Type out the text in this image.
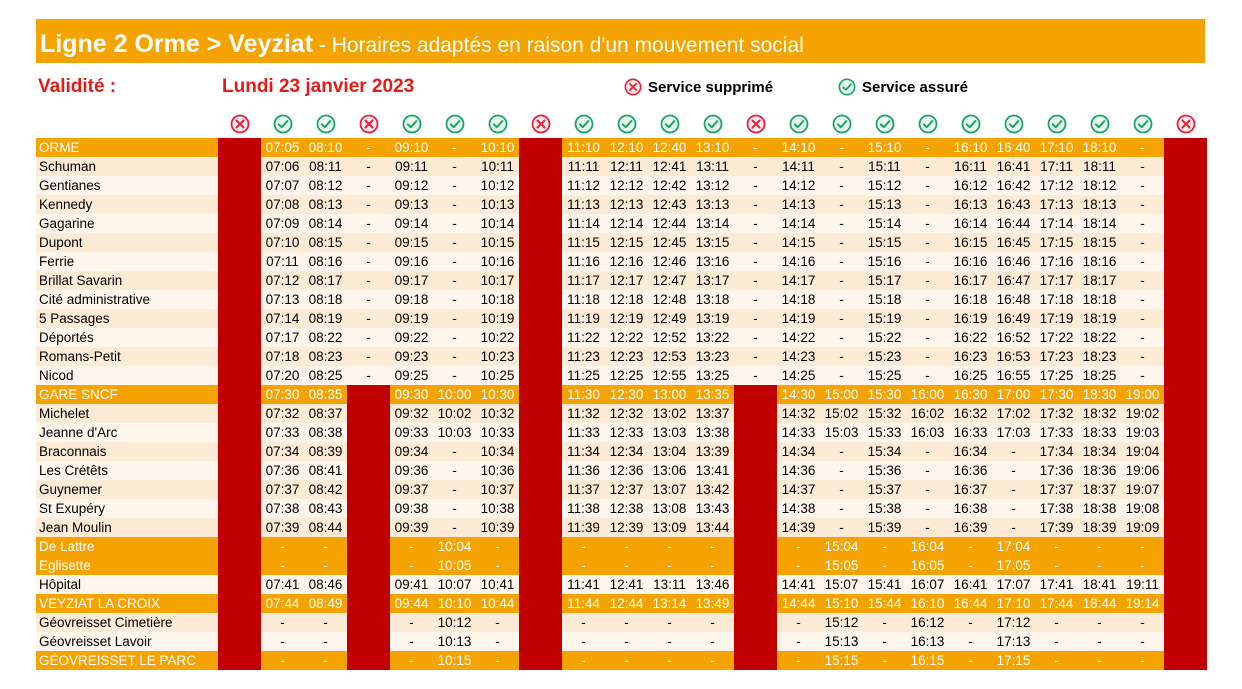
Ligne 2 Orme > Veyziat - Horaires adaptés en raison d'un mouvement social
Validité :	Lundi 23 janvier 2023	Service supprimé	Service assuré
ORME		07:05	08:10	-	09:10	-	10:10		11:10	12:10	12:40	13:10	-	14:10	-	15:10	-	16:10	16:40	17:10	18:10	-	
Schuman		07:06	08:11	-	09:11	-	10:11		11:11	12:11	12:41	13:11	-	14:11	-	15:11	-	16:11	16:41	17:11	18:11	-	
Gentianes		07:07	08:12	-	09:12	-	10:12		11:12	12:12	12:42	13:12	-	14:12	-	15:12	-	16:12	16:42	17:12	18:12	-	
Kennedy		07:08	08:13	-	09:13	-	10:13		11:13	12:13	12:43	13:13	-	14:13	-	15:13	-	16:13	16:43	17:13	18:13	-	
Gagarine		07:09	08:14	-	09:14	-	10:14		11:14	12:14	12:44	13:14	-	14:14	-	15:14	-	16:14	16:44	17:14	18:14	-	
Dupont		07:10	08:15	-	09:15	-	10:15		11:15	12:15	12:45	13:15	-	14:15	-	15:15	-	16:15	16:45	17:15	18:15	-	
Ferrie		07:11	08:16	-	09:16	-	10:16		11:16	12:16	12:46	13:16	-	14:16	-	15:16	-	16:16	16:46	17:16	18:16	-	
Brillat Savarin		07:12	08:17	-	09:17	-	10:17		11:17	12:17	12:47	13:17	-	14:17	-	15:17	-	16:17	16:47	17:17	18:17	-	
Cité administrative		07:13	08:18	-	09:18	-	10:18		11:18	12:18	12:48	13:18	-	14:18	-	15:18	-	16:18	16:48	17:18	18:18	-	
5 Passages		07:14	08:19	-	09:19	-	10:19		11:19	12:19	12:49	13:19	-	14:19	-	15:19	-	16:19	16:49	17:19	18:19	-	
Déportés		07:17	08:22	-	09:22	-	10:22		11:22	12:22	12:52	13:22	-	14:22	-	15:22	-	16:22	16:52	17:22	18:22	-	
Romans-Petit		07:18	08:23	-	09:23	-	10:23		11:23	12:23	12:53	13:23	-	14:23	-	15:23	-	16:23	16:53	17:23	18:23	-	
Nicod		07:20	08:25	-	09:25	-	10:25		11:25	12:25	12:55	13:25	-	14:25	-	15:25	-	16:25	16:55	17:25	18:25	-	
GARE SNCF		07:30	08:35		09:30	10:00	10:30		11:30	12:30	13:00	13:35		14:30	15:00	15:30	16:00	16:30	17:00	17:30	18:30	19:00	
Michelet		07:32	08:37		09:32	10:02	10:32		11:32	12:32	13:02	13:37		14:32	15:02	15:32	16:02	16:32	17:02	17:32	18:32	19:02	
Jeanne d'Arc		07:33	08:38		09:33	10:03	10:33		11:33	12:33	13:03	13:38		14:33	15:03	15:33	16:03	16:33	17:03	17:33	18:33	19:03	
Braconnais		07:34	08:39		09:34	-	10:34		11:34	12:34	13:04	13:39		14:34	-	15:34	-	16:34	-	17:34	18:34	19:04	
Les Crétêts		07:36	08:41		09:36	-	10:36		11:36	12:36	13:06	13:41		14:36	-	15:36	-	16:36	-	17:36	18:36	19:06	
Guynemer		07:37	08:42		09:37	-	10:37		11:37	12:37	13:07	13:42		14:37	-	15:37	-	16:37	-	17:37	18:37	19:07	
St Exupéry		07:38	08:43		09:38	-	10:38		11:38	12:38	13:08	13:43		14:38	-	15:38	-	16:38	-	17:38	18:38	19:08	
Jean Moulin		07:39	08:44		09:39	-	10:39		11:39	12:39	13:09	13:44		14:39	-	15:39	-	16:39	-	17:39	18:39	19:09	
De Lattre		-	-		-	10:04	-		-	-	-	-		-	15:04	-	16:04	-	17:04	-	-	-	
Eglisette		-	-		-	10:05	-		-	-	-	-		-	15:05	-	16:05	-	17:05	-	-	-	
Hôpital		07:41	08:46		09:41	10:07	10:41		11:41	12:41	13:11	13:46		14:41	15:07	15:41	16:07	16:41	17:07	17:41	18:41	19:11	
VEYZIAT LA CROIX		07:44	08:49		09:44	10:10	10:44		11:44	12:44	13:14	13:49		14:44	15:10	15:44	16:10	16:44	17:10	17:44	18:44	19:14	
Géovreisset Cimetière		-	-		-	10:12	-		-	-	-	-		-	15:12	-	16:12	-	17:12	-	-	-	
Géovreisset Lavoir		-	-		-	10:13	-		-	-	-	-		-	15:13	-	16:13	-	17:13	-	-	-	
GÉOVREISSET LE PARC		-	-		-	10:15	-		-	-	-	-		-	15:15	-	16:15	-	17:15	-	-	-	
